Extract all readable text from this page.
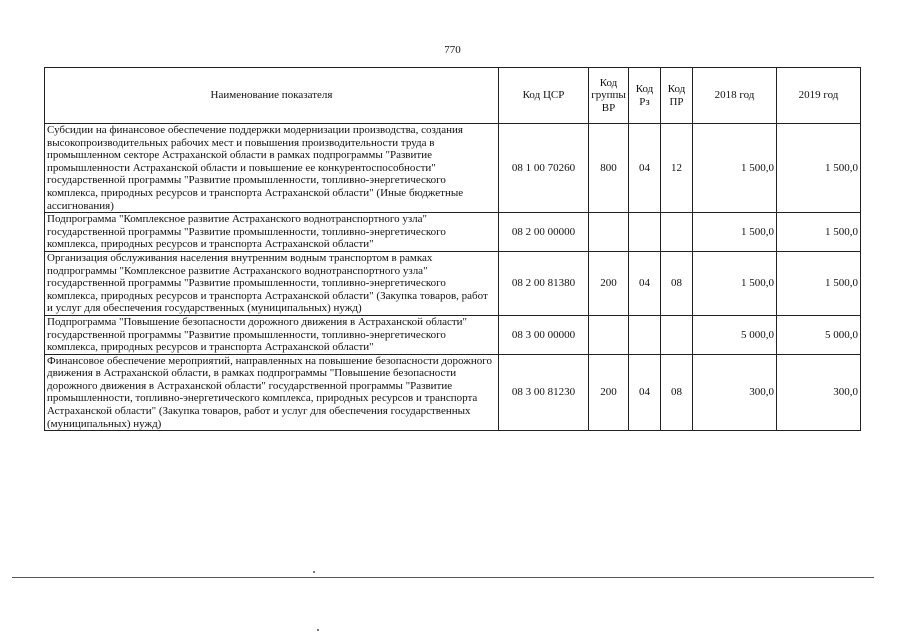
770
Наименование показателя	Код ЦСР	Код группы ВР	Код Рз	Код ПР	2018 год	2019 год
Субсидии на финансовое обеспечение поддержки модернизации производства, создания высокопроизводительных рабочих мест и повышения производительности труда в промышленном секторе Астраханской области в рамках подпрограммы "Развитие промышленности Астраханской области и повышение ее конкурентоспособности" государственной программы "Развитие промышленности, топливно-энергетического комплекса, природных ресурсов и транспорта Астраханской области" (Иные бюджетные ассигнования)	08 1 00 70260	800	04	12	1 500,0	1 500,0
Подпрограмма "Комплексное развитие Астраханского воднотранспортного узла" государственной программы "Развитие промышленности, топливно-энергетического комплекса, природных ресурсов и транспорта Астраханской области"	08 2 00 00000				1 500,0	1 500,0
Организация обслуживания населения внутренним водным транспортом в рамках подпрограммы "Комплексное развитие Астраханского воднотранспортного узла" государственной программы "Развитие промышленности, топливно-энергетического комплекса, природных ресурсов и транспорта Астраханской области" (Закупка товаров, работ и услуг для обеспечения государственных (муниципальных) нужд)	08 2 00 81380	200	04	08	1 500,0	1 500,0
Подпрограмма "Повышение безопасности дорожного движения в Астраханской области" государственной программы "Развитие промышленности, топливно-энергетического комплекса, природных ресурсов и транспорта Астраханской области"	08 3 00 00000				5 000,0	5 000,0
Финансовое обеспечение мероприятий, направленных на повышение безопасности дорожного движения в Астраханской области, в рамках подпрограммы "Повышение безопасности дорожного движения в Астраханской области" государственной программы "Развитие промышленности, топливно-энергетического комплекса, природных ресурсов и транспорта Астраханской области" (Закупка товаров, работ и услуг для обеспечения государственных (муниципальных) нужд)	08 3 00 81230	200	04	08	300,0	300,0
